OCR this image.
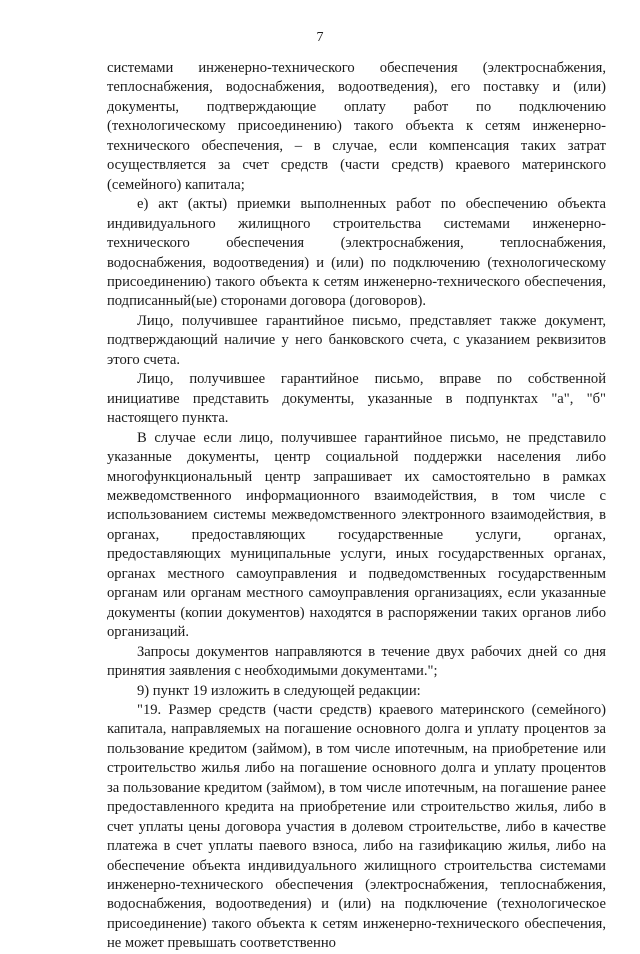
7

системами инженерно-технического обеспечения (электроснабжения, теплоснабжения, водоснабжения, водоотведения), его поставку и (или) документы, подтверждающие оплату работ по подключению (технологическому присоединению) такого объекта к сетям инженерно-технического обеспечения, – в случае, если компенсация таких затрат осуществляется за счет средств (части средств) краевого материнского (семейного) капитала;

е) акт (акты) приемки выполненных работ по обеспечению объекта индивидуального жилищного строительства системами инженерно-технического обеспечения (электроснабжения, теплоснабжения, водоснабжения, водоотведения) и (или) по подключению (технологическому присоединению) такого объекта к сетям инженерно-технического обеспечения, подписанный(ые) сторонами договора (договоров).

Лицо, получившее гарантийное письмо, представляет также документ, подтверждающий наличие у него банковского счета, с указанием реквизитов этого счета.

Лицо, получившее гарантийное письмо, вправе по собственной инициативе представить документы, указанные в подпунктах "а", "б" настоящего пункта.

В случае если лицо, получившее гарантийное письмо, не представило указанные документы, центр социальной поддержки населения либо многофункциональный центр запрашивает их самостоятельно в рамках межведомственного информационного взаимодействия, в том числе с использованием системы межведомственного электронного взаимодействия, в органах, предоставляющих государственные услуги, органах, предоставляющих муниципальные услуги, иных государственных органах, органах местного самоуправления и подведомственных государственным органам или органам местного самоуправления организациях, если указанные документы (копии документов) находятся в распоряжении таких органов либо организаций.

Запросы документов направляются в течение двух рабочих дней со дня принятия заявления с необходимыми документами.";

9) пункт 19 изложить в следующей редакции:

"19. Размер средств (части средств) краевого материнского (семейного) капитала, направляемых на погашение основного долга и уплату процентов за пользование кредитом (займом), в том числе ипотечным, на приобретение или строительство жилья либо на погашение основного долга и уплату процентов за пользование кредитом (займом), в том числе ипотечным, на погашение ранее предоставленного кредита на приобретение или строительство жилья, либо в счет уплаты цены договора участия в долевом строительстве, либо в качестве платежа в счет уплаты паевого взноса, либо на газификацию жилья, либо на обеспечение объекта индивидуального жилищного строительства системами инженерно-технического обеспечения (электроснабжения, теплоснабжения, водоснабжения, водоотведения) и (или) на подключение (технологическое присоединение) такого объекта к сетям инженерно-технического обеспечения, не может превышать соответственно
